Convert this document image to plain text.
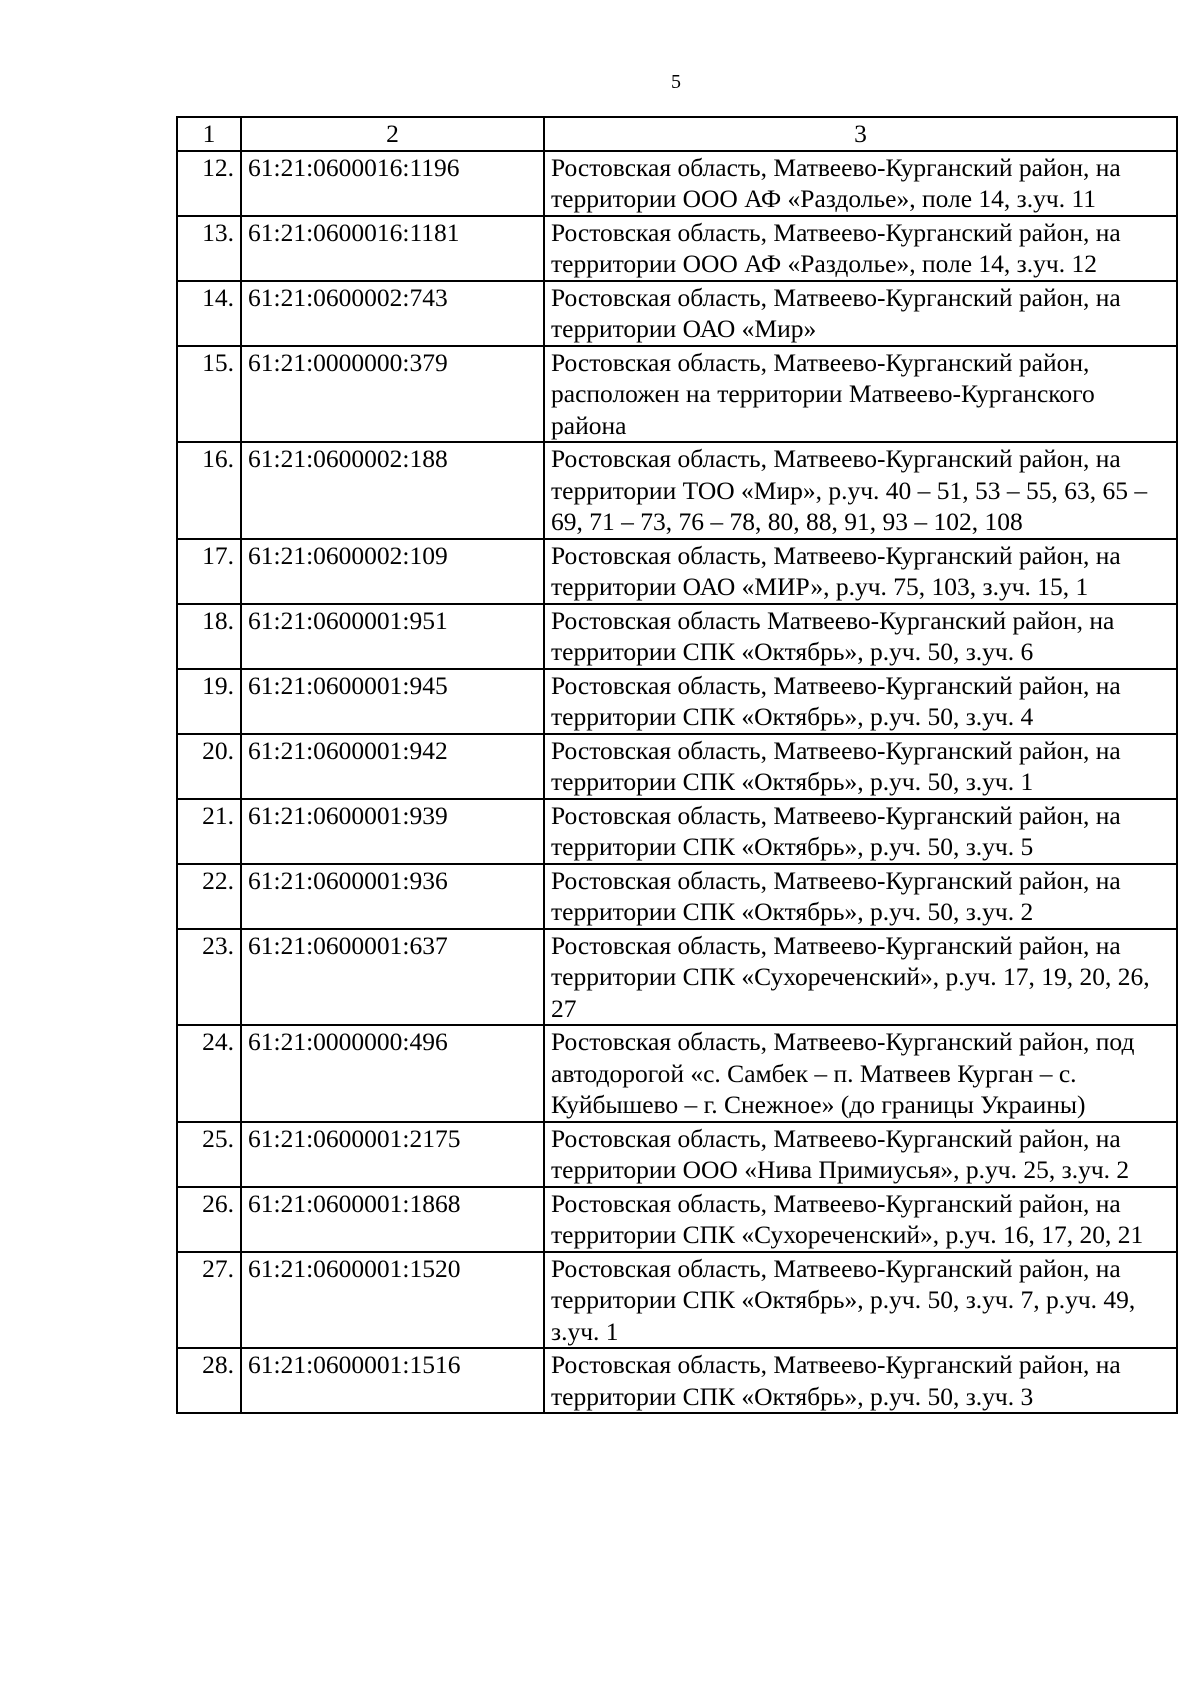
5
1	2	3
12.	61:21:0600016:1196	Ростовская область, Матвеево-Курганский район, на территории ООО АФ «Раздолье», поле 14, з.уч. 11
13.	61:21:0600016:1181	Ростовская область, Матвеево-Курганский район, на территории ООО АФ «Раздолье», поле 14, з.уч. 12
14.	61:21:0600002:743	Ростовская область, Матвеево-Курганский район, на территории ОАО «Мир»
15.	61:21:0000000:379	Ростовская область, Матвеево-Курганский район, расположен на территории Матвеево-Курганского района
16.	61:21:0600002:188	Ростовская область, Матвеево-Курганский район, на территории ТОО «Мир», р.уч. 40 – 51, 53 – 55, 63, 65 – 69, 71 – 73, 76 – 78, 80, 88, 91, 93 – 102, 108
17.	61:21:0600002:109	Ростовская область, Матвеево-Курганский район, на территории ОАО «МИР», р.уч. 75, 103, з.уч. 15, 1
18.	61:21:0600001:951	Ростовская область Матвеево-Курганский район, на территории СПК «Октябрь», р.уч. 50, з.уч. 6
19.	61:21:0600001:945	Ростовская область, Матвеево-Курганский район, на территории СПК «Октябрь», р.уч. 50, з.уч. 4
20.	61:21:0600001:942	Ростовская область, Матвеево-Курганский район, на территории СПК «Октябрь», р.уч. 50, з.уч. 1
21.	61:21:0600001:939	Ростовская область, Матвеево-Курганский район, на территории СПК «Октябрь», р.уч. 50, з.уч. 5
22.	61:21:0600001:936	Ростовская область, Матвеево-Курганский район, на территории СПК «Октябрь», р.уч. 50, з.уч. 2
23.	61:21:0600001:637	Ростовская область, Матвеево-Курганский район, на территории СПК «Сухореченский», р.уч. 17, 19, 20, 26, 27
24.	61:21:0000000:496	Ростовская область, Матвеево-Курганский район, под автодорогой «с. Самбек – п. Матвеев Курган – с. Куйбышево – г. Снежное» (до границы Украины)
25.	61:21:0600001:2175	Ростовская область, Матвеево-Курганский район, на территории ООО «Нива Примиусья», р.уч. 25, з.уч. 2
26.	61:21:0600001:1868	Ростовская область, Матвеево-Курганский район, на территории СПК «Сухореченский», р.уч. 16, 17, 20, 21
27.	61:21:0600001:1520	Ростовская область, Матвеево-Курганский район, на территории СПК «Октябрь», р.уч. 50, з.уч. 7, р.уч. 49, з.уч. 1
28.	61:21:0600001:1516	Ростовская область, Матвеево-Курганский район, на территории СПК «Октябрь», р.уч. 50, з.уч. 3
